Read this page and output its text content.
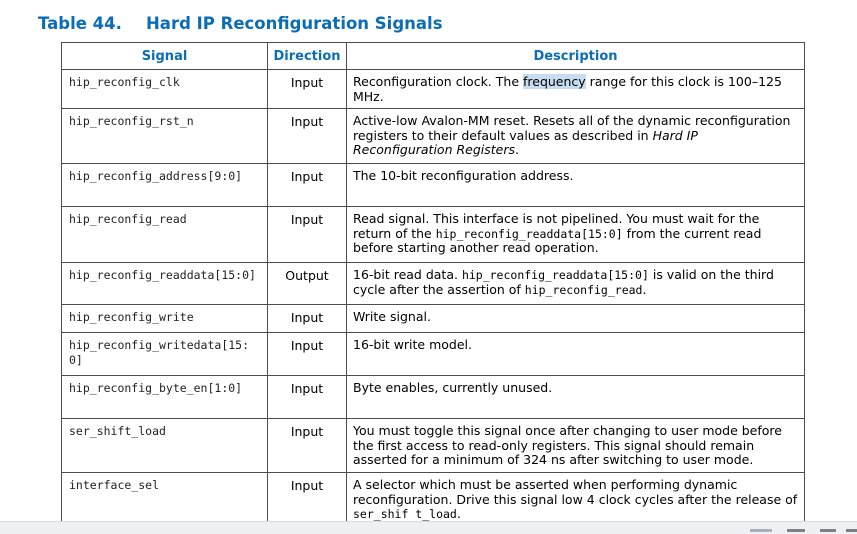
Table 44. Hard IP Reconfiguration Signals
Signal	Direction	Description
hip_reconfig_clk	Input	Reconfiguration clock. The frequency range for this clock is 100–125 MHz.
hip_reconfig_rst_n	Input	Active-low Avalon-MM reset. Resets all of the dynamic reconfiguration registers to their default values as described in Hard IP Reconfiguration Registers.
hip_reconfig_address[9:0]	Input	The 10-bit reconfiguration address.
hip_reconfig_read	Input	Read signal. This interface is not pipelined. You must wait for the return of the hip_reconfig_readdata[15:0] from the current read before starting another read operation.
hip_reconfig_readdata[15:0]	Output	16-bit read data. hip_reconfig_readdata[15:0] is valid on the third cycle after the assertion of hip_reconfig_read.
hip_reconfig_write	Input	Write signal.
hip_reconfig_writedata[15:0]	Input	16-bit write model.
hip_reconfig_byte_en[1:0]	Input	Byte enables, currently unused.
ser_shift_load	Input	You must toggle this signal once after changing to user mode before the first access to read-only registers. This signal should remain asserted for a minimum of 324 ns after switching to user mode.
interface_sel	Input	A selector which must be asserted when performing dynamic reconfiguration. Drive this signal low 4 clock cycles after the release of ser_shif t_load.
